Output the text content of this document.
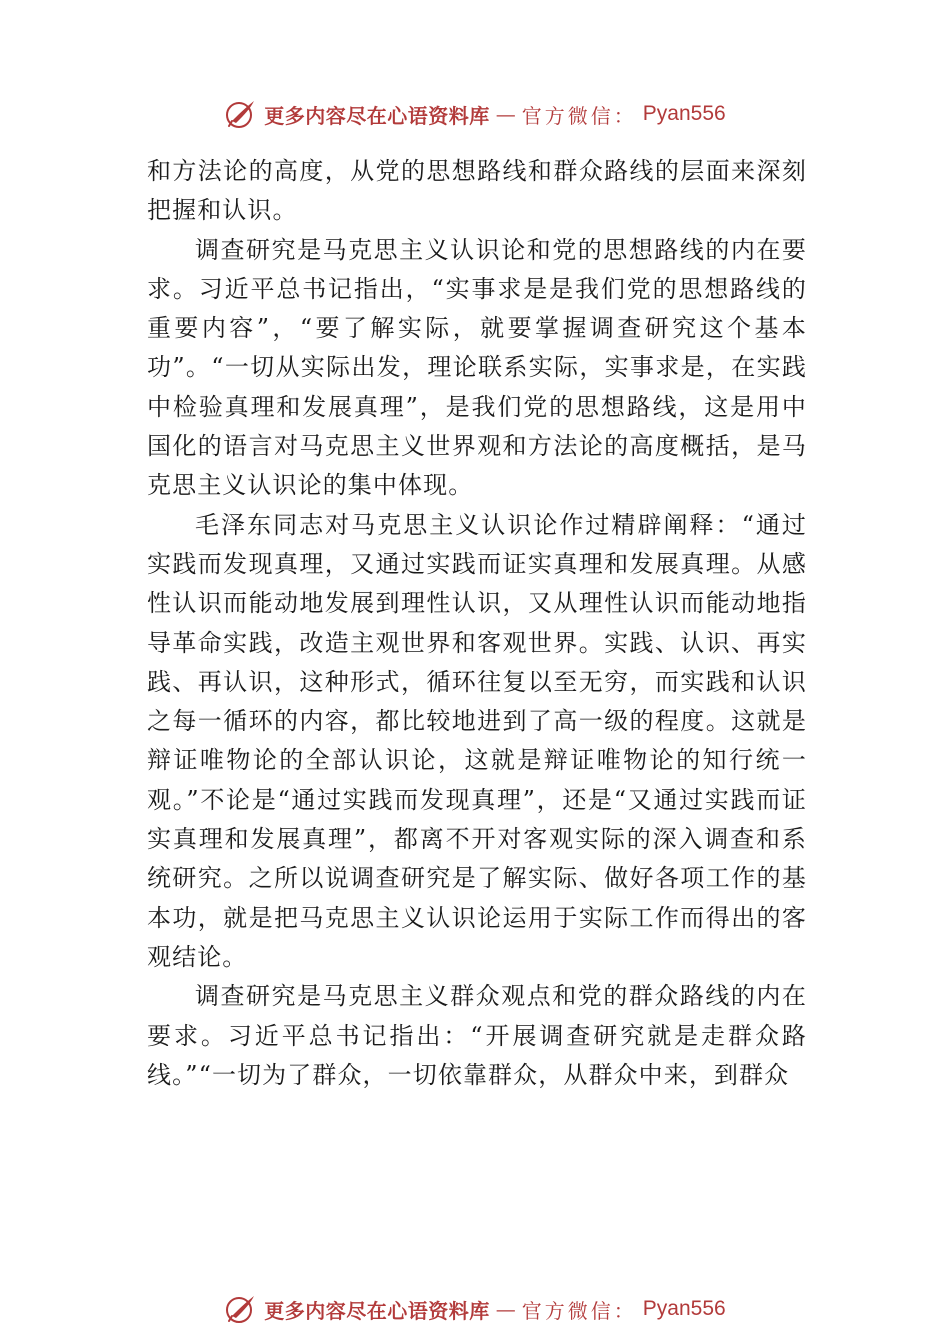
更多内容尽在心语资料库 — 官方微信： Pyan556

和方法论的高度，从党的思想路线和群众路线的层面来深刻把握和认识。

调查研究是马克思主义认识论和党的思想路线的内在要求。习近平总书记指出，“实事求是是我们党的思想路线的重要内容”，“要了解实际，就要掌握调查研究这个基本功”。“一切从实际出发，理论联系实际，实事求是，在实践中检验真理和发展真理”，是我们党的思想路线，这是用中国化的语言对马克思主义世界观和方法论的高度概括，是马克思主义认识论的集中体现。

毛泽东同志对马克思主义认识论作过精辟阐释：“通过实践而发现真理，又通过实践而证实真理和发展真理。从感性认识而能动地发展到理性认识，又从理性认识而能动地指导革命实践，改造主观世界和客观世界。实践、认识、再实践、再认识，这种形式，循环往复以至无穷，而实践和认识之每一循环的内容，都比较地进到了高一级的程度。这就是辩证唯物论的全部认识论，这就是辩证唯物论的知行统一观。”不论是“通过实践而发现真理”，还是“又通过实践而证实真理和发展真理”，都离不开对客观实际的深入调查和系统研究。之所以说调查研究是了解实际、做好各项工作的基本功，就是把马克思主义认识论运用于实际工作而得出的客观结论。

调查研究是马克思主义群众观点和党的群众路线的内在要求。习近平总书记指出：“开展调查研究就是走群众路线。”“一切为了群众，一切依靠群众，从群众中来，到群众

更多内容尽在心语资料库 — 官方微信： Pyan556
